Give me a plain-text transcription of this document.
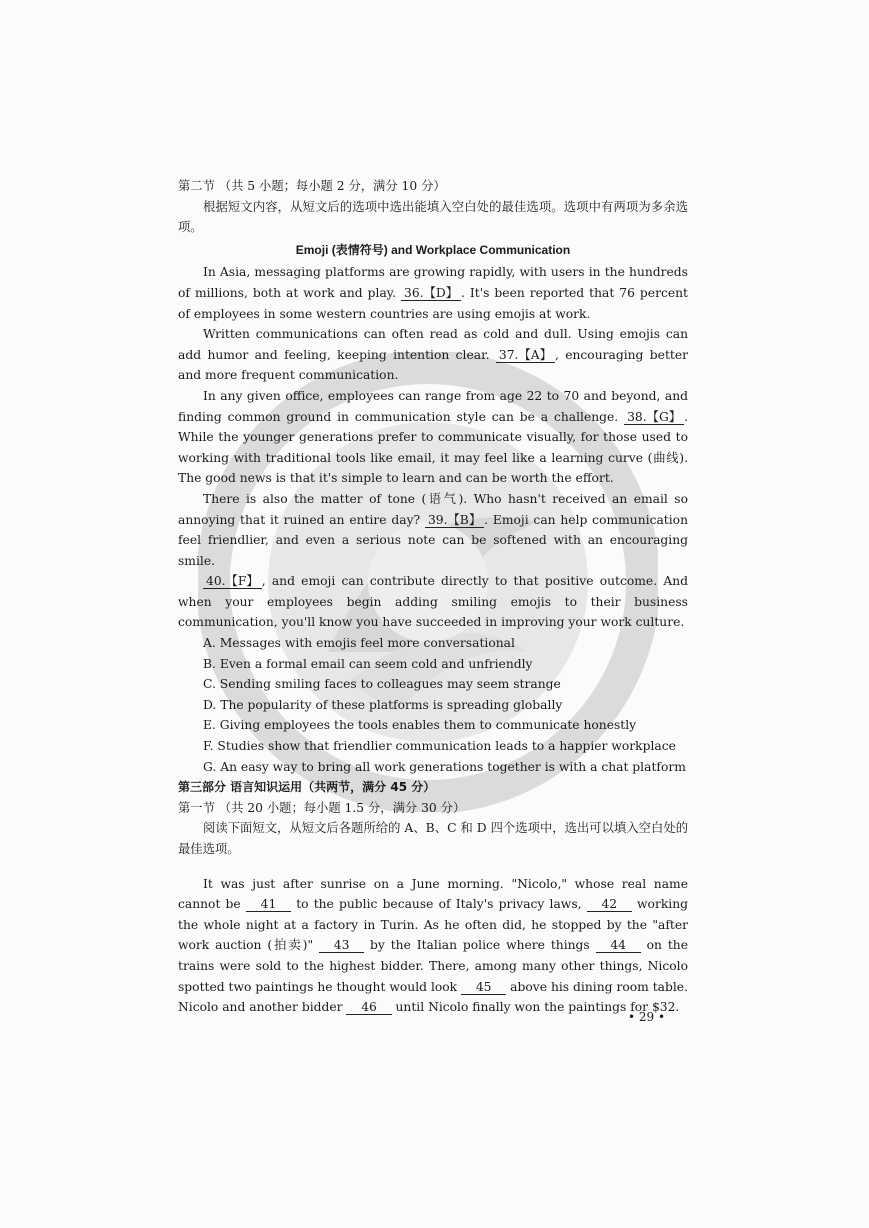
第二节 （共 5 小题；每小题 2 分，满分 10 分）

根据短文内容，从短文后的选项中选出能填入空白处的最佳选项。选项中有两项为多余选项。

Emoji (表情符号) and Workplace Communication

In Asia, messaging platforms are growing rapidly, with users in the hundreds of millions, both at work and play. 36.【D】 . It's been reported that 76 percent of employees in some western countries are using emojis at work.

Written communications can often read as cold and dull. Using emojis can add humor and feeling, keeping intention clear. 37.【A】 , encouraging better and more frequent communication.

In any given office, employees can range from age 22 to 70 and beyond, and finding common ground in communication style can be a challenge. 38.【G】 . While the younger generations prefer to communicate visually, for those used to working with traditional tools like email, it may feel like a learning curve (曲线). The good news is that it's simple to learn and can be worth the effort.

There is also the matter of tone (语气). Who hasn't received an email so annoying that it ruined an entire day? 39.【B】 . Emoji can help communication feel friendlier, and even a serious note can be softened with an encouraging smile.

40.【F】 , and emoji can contribute directly to that positive outcome. And when your employees begin adding smiling emojis to their business communication, you'll know you have succeeded in improving your work culture.

A. Messages with emojis feel more conversational
B. Even a formal email can seem cold and unfriendly
C. Sending smiling faces to colleagues may seem strange
D. The popularity of these platforms is spreading globally
E. Giving employees the tools enables them to communicate honestly
F. Studies show that friendlier communication leads to a happier workplace
G. An easy way to bring all work generations together is with a chat platform

第三部分 语言知识运用（共两节，满分 45 分）

第一节 （共 20 小题；每小题 1.5 分，满分 30 分）

阅读下面短文，从短文后各题所给的 A、B、C 和 D 四个选项中，选出可以填入空白处的最佳选项。

It was just after sunrise on a June morning. "Nicolo," whose real name cannot be 41 to the public because of Italy's privacy laws, 42 working the whole night at a factory in Turin. As he often did, he stopped by the "after work auction (拍卖)" 43 by the Italian police where things 44 on the trains were sold to the highest bidder. There, among many other things, Nicolo spotted two paintings he thought would look 45 above his dining room table. Nicolo and another bidder 46 until Nicolo finally won the paintings for $32.

• 29 •
